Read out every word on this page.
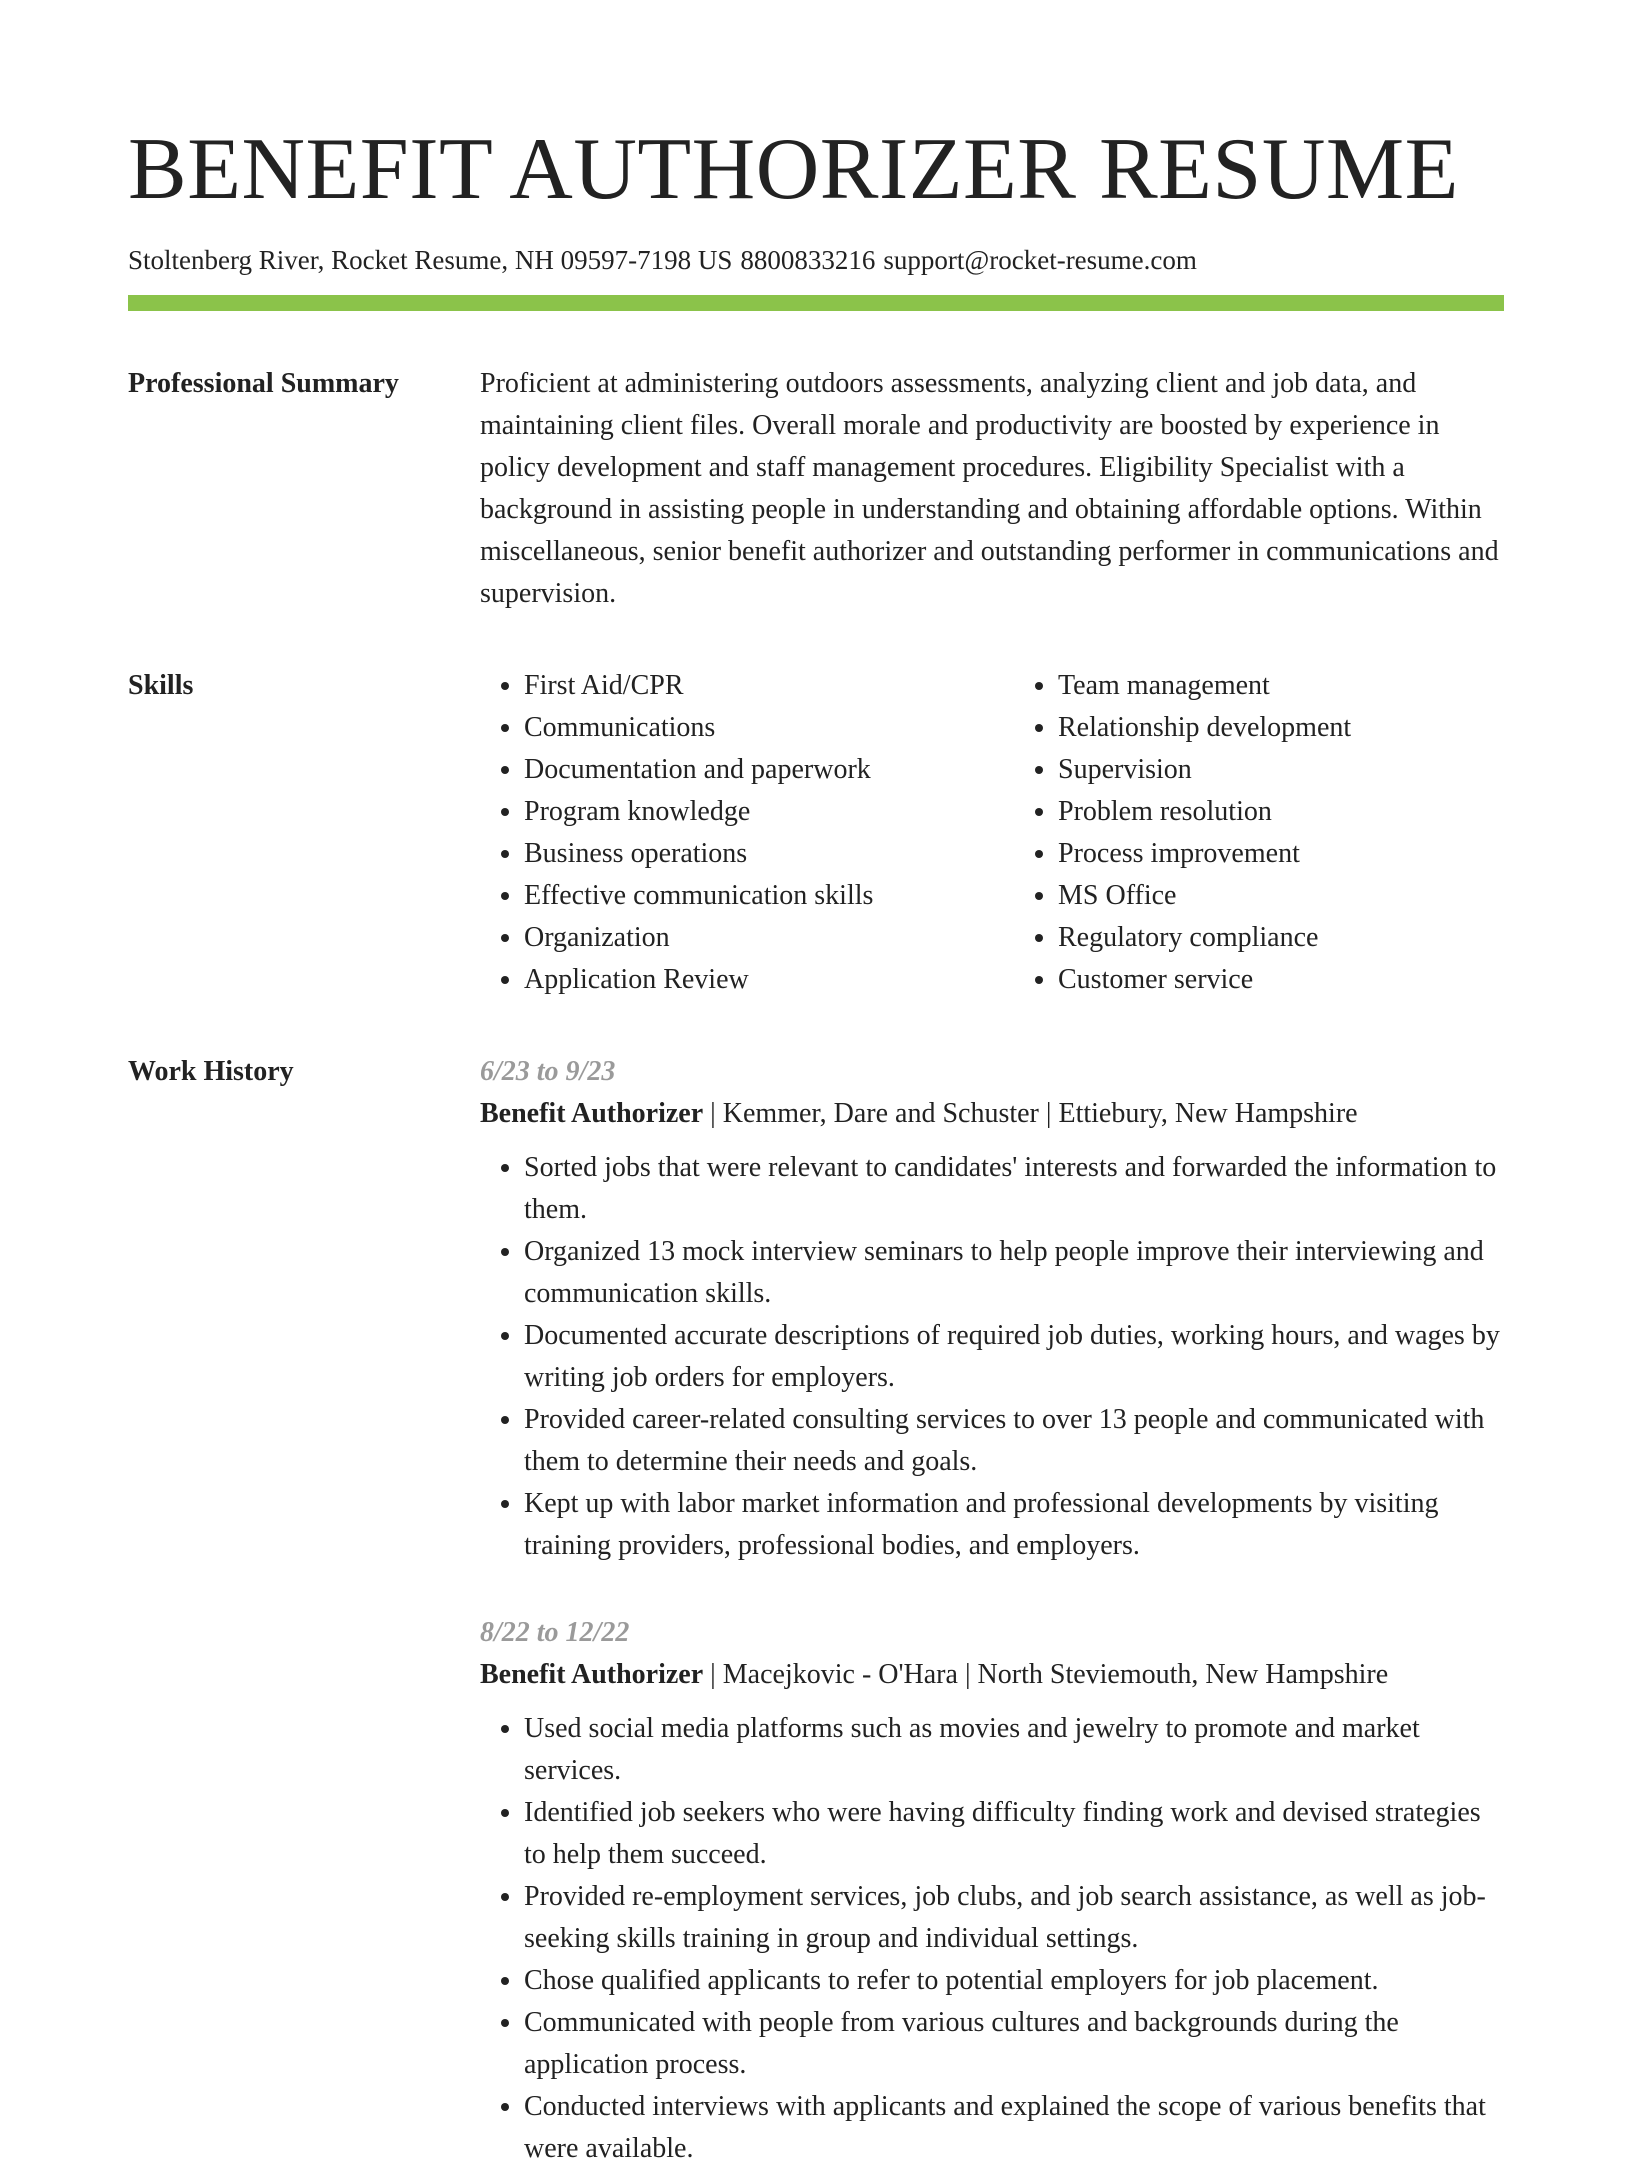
BENEFIT AUTHORIZER RESUME
Stoltenberg River, Rocket Resume, NH 09597-7198 US 8800833216 support@rocket-resume.com
Professional Summary	Proficient at administering outdoors assessments, analyzing client and job data, and maintaining client files. Overall morale and productivity are boosted by experience in policy development and staff management procedures. Eligibility Specialist with a background in assisting people in understanding and obtaining affordable options. Within miscellaneous, senior benefit authorizer and outstanding performer in communications and supervision.

Skills
•	First Aid/CPR
• Communications
• Documentation and paperwork
• Program knowledge
• Business operations
• Effective communication skills
• Organization
• Application Review
• Team management
• Relationship development
• Supervision
• Problem resolution
• Process improvement
• MS Office
• Regulatory compliance
• Customer service
Work History	6/23 to 9/23
Benefit Authorizer | Kemmer, Dare and Schuster | Ettiebury, New Hampshire
• Sorted jobs that were relevant to candidates' interests and forwarded the information to them.
• Organized 13 mock interview seminars to help people improve their interviewing and communication skills.
• Documented accurate descriptions of required job duties, working hours, and wages by writing job orders for employers.
• Provided career-related consulting services to over 13 people and communicated with them to determine their needs and goals.
• Kept up with labor market information and professional developments by visiting training providers, professional bodies, and employers.
8/22 to 12/22
Benefit Authorizer | Macejkovic - O'Hara | North Steviemouth, New Hampshire
• Used social media platforms such as movies and jewelry to promote and market services.
• Identified job seekers who were having difficulty finding work and devised strategies to help them succeed.
• Provided re-employment services, job clubs, and job search assistance, as well as job-seeking skills training in group and individual settings.
• Chose qualified applicants to refer to potential employers for job placement.
• Communicated with people from various cultures and backgrounds during the application process.
• Conducted interviews with applicants and explained the scope of various benefits that were available.
